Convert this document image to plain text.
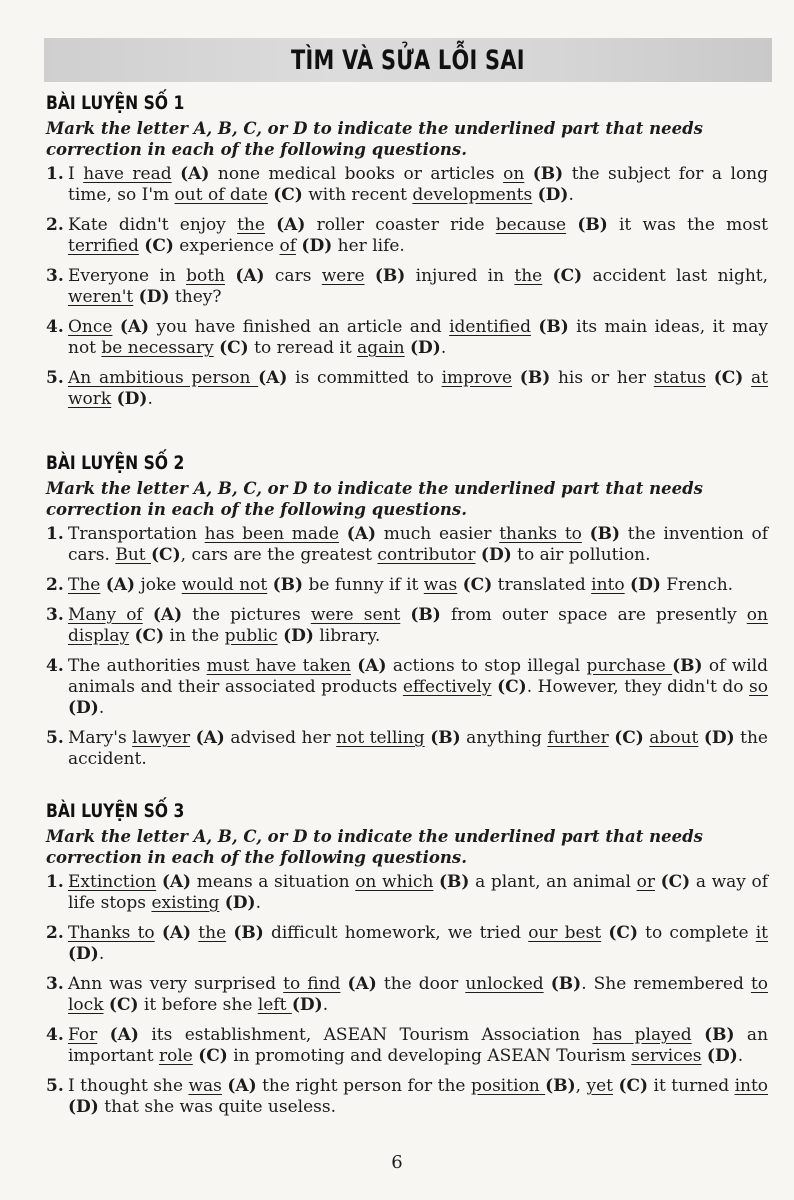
TÌM VÀ SỬA LỖI SAI
BÀI LUYỆN SỐ 1
Mark the letter A, B, C, or D to indicate the underlined part that needs correction in each of the following questions.
1. I have read (A) none medical books or articles on (B) the subject for a long time, so I'm out of date (C) with recent developments (D).
2. Kate didn't enjoy the (A) roller coaster ride because (B) it was the most terrified (C) experience of (D) her life.
3. Everyone in both (A) cars were (B) injured in the (C) accident last night, weren't (D) they?
4. Once (A) you have finished an article and identified (B) its main ideas, it may not be necessary (C) to reread it again (D).
5. An ambitious person (A) is committed to improve (B) his or her status (C) at work (D).
BÀI LUYỆN SỐ 2
Mark the letter A, B, C, or D to indicate the underlined part that needs correction in each of the following questions.
1. Transportation has been made (A) much easier thanks to (B) the invention of cars. But (C), cars are the greatest contributor (D) to air pollution.
2. The (A) joke would not (B) be funny if it was (C) translated into (D) French.
3. Many of (A) the pictures were sent (B) from outer space are presently on display (C) in the public (D) library.
4. The authorities must have taken (A) actions to stop illegal purchase (B) of wild animals and their associated products effectively (C). However, they didn't do so (D).
5. Mary's lawyer (A) advised her not telling (B) anything further (C) about (D) the accident.
BÀI LUYỆN SỐ 3
Mark the letter A, B, C, or D to indicate the underlined part that needs correction in each of the following questions.
1. Extinction (A) means a situation on which (B) a plant, an animal or (C) a way of life stops existing (D).
2. Thanks to (A) the (B) difficult homework, we tried our best (C) to complete it (D).
3. Ann was very surprised to find (A) the door unlocked (B). She remembered to lock (C) it before she left (D).
4. For (A) its establishment, ASEAN Tourism Association has played (B) an important role (C) in promoting and developing ASEAN Tourism services (D).
5. I thought she was (A) the right person for the position (B), yet (C) it turned into (D) that she was quite useless.
6
